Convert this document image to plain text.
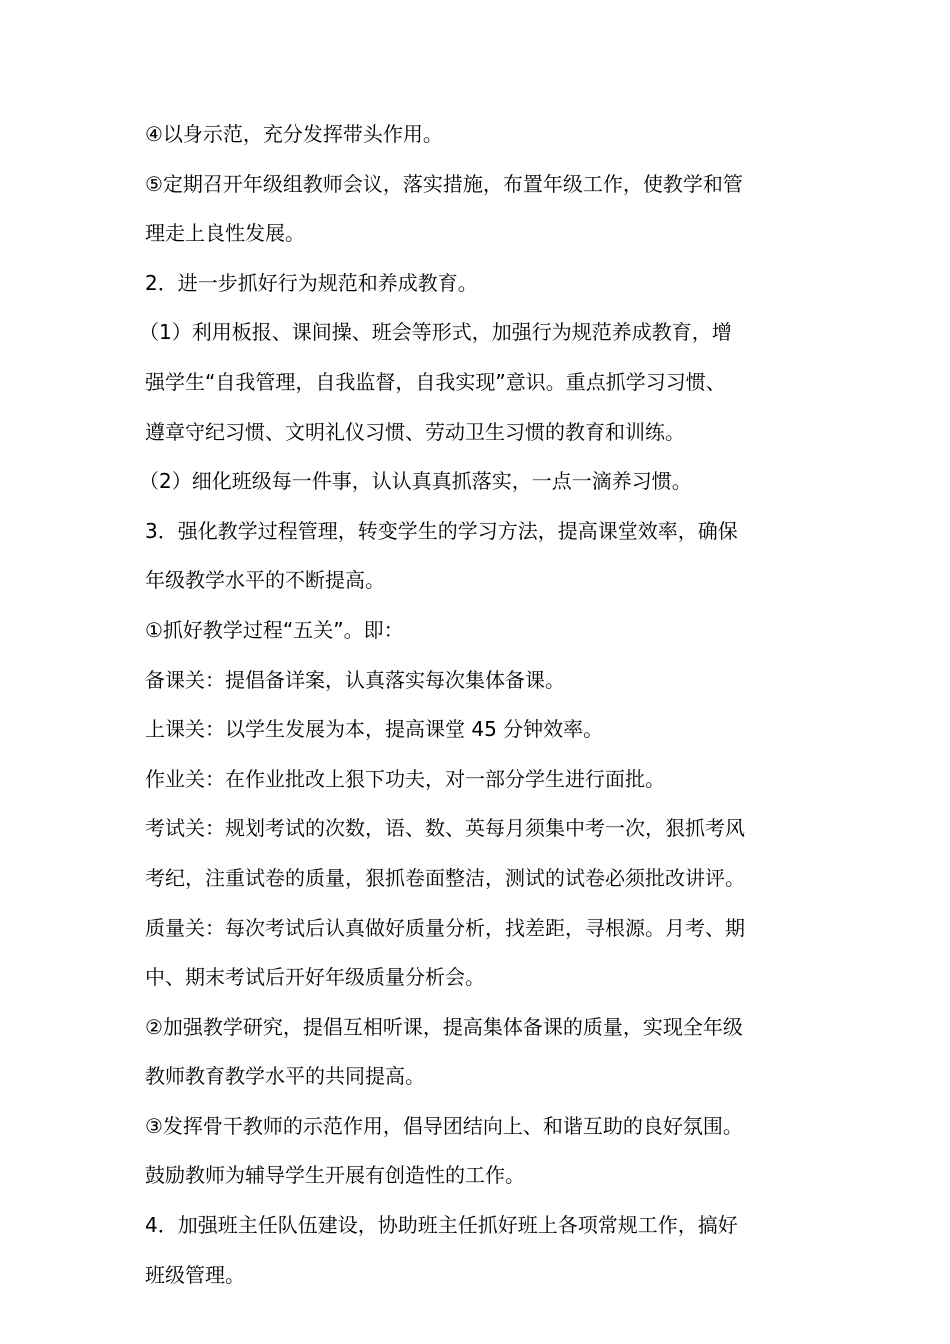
④以身示范，充分发挥带头作用。
⑤定期召开年级组教师会议，落实措施，布置年级工作，使教学和管
理走上良性发展。
2．进一步抓好行为规范和养成教育。
（1）利用板报、课间操、班会等形式，加强行为规范养成教育，增
强学生“自我管理，自我监督，自我实现”意识。重点抓学习习惯、
遵章守纪习惯、文明礼仪习惯、劳动卫生习惯的教育和训练。
（2）细化班级每一件事，认认真真抓落实，一点一滴养习惯。
3．强化教学过程管理，转变学生的学习方法，提高课堂效率，确保
年级教学水平的不断提高。
①抓好教学过程“五关”。即：
备课关：提倡备详案，认真落实每次集体备课。
上课关：以学生发展为本，提高课堂 45 分钟效率。
作业关：在作业批改上狠下功夫，对一部分学生进行面批。
考试关：规划考试的次数，语、数、英每月须集中考一次，狠抓考风
考纪，注重试卷的质量，狠抓卷面整洁，测试的试卷必须批改讲评。
质量关：每次考试后认真做好质量分析，找差距，寻根源。月考、期
中、期末考试后开好年级质量分析会。
②加强教学研究，提倡互相听课，提高集体备课的质量，实现全年级
教师教育教学水平的共同提高。
③发挥骨干教师的示范作用，倡导团结向上、和谐互助的良好氛围。
鼓励教师为辅导学生开展有创造性的工作。
4．加强班主任队伍建设，协助班主任抓好班上各项常规工作，搞好
班级管理。
